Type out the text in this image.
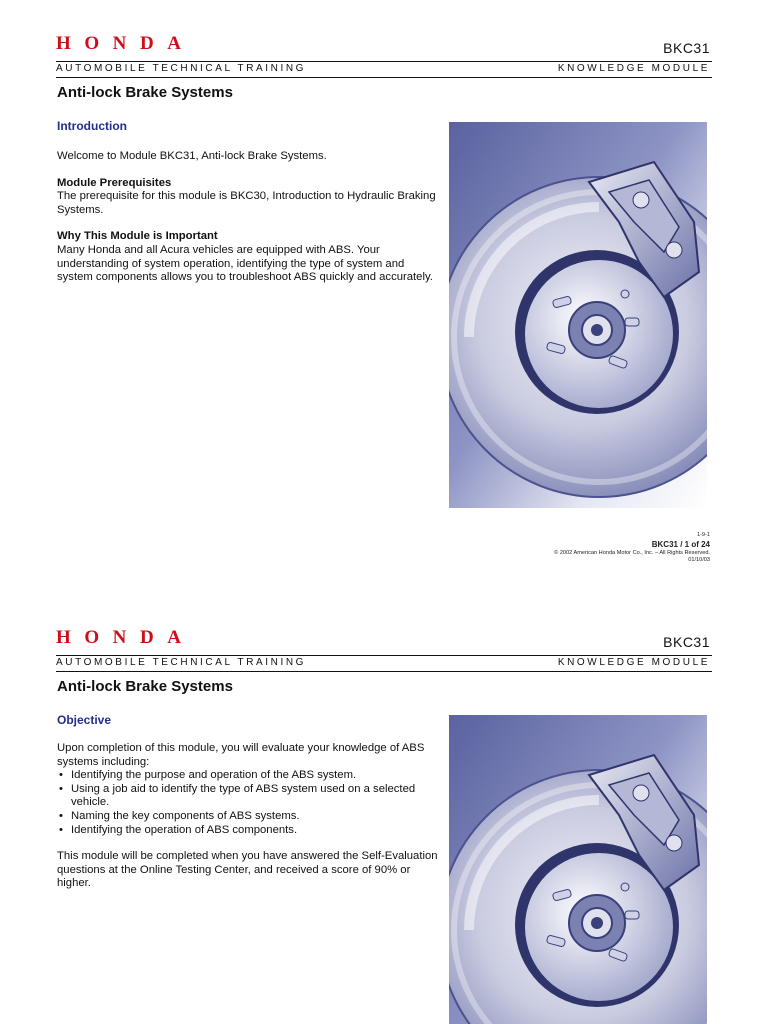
HONDA	BKC31
AUTOMOBILE TECHNICAL TRAINING	KNOWLEDGE MODULE
Anti-lock Brake Systems
Introduction

Welcome to Module BKC31, Anti-lock Brake Systems.

Module Prerequisites
The prerequisite for this module is BKC30, Introduction to Hydraulic Braking Systems.

Why This Module is Important
Many Honda and all Acura vehicles are equipped with ABS. Your understanding of system operation, identifying the type of system and system components allows you to troubleshoot ABS quickly and accurately.

1-9-1
BKC31 / 1 of 24
© 2002 American Honda Motor Co., Inc. – All Rights Reserved.
01/10/03
HONDA	BKC31
AUTOMOBILE TECHNICAL TRAINING	KNOWLEDGE MODULE
Anti-lock Brake Systems
Objective

Upon completion of this module, you will evaluate your knowledge of ABS systems including:

• Identifying the purpose and operation of the ABS system.
• Using a job aid to identify the type of ABS system used on a selected vehicle.
• Naming the key components of ABS systems.
• Identifying the operation of ABS components.

This module will be completed when you have answered the Self-Evaluation questions at the Online Testing Center, and received a score of 90% or higher.
